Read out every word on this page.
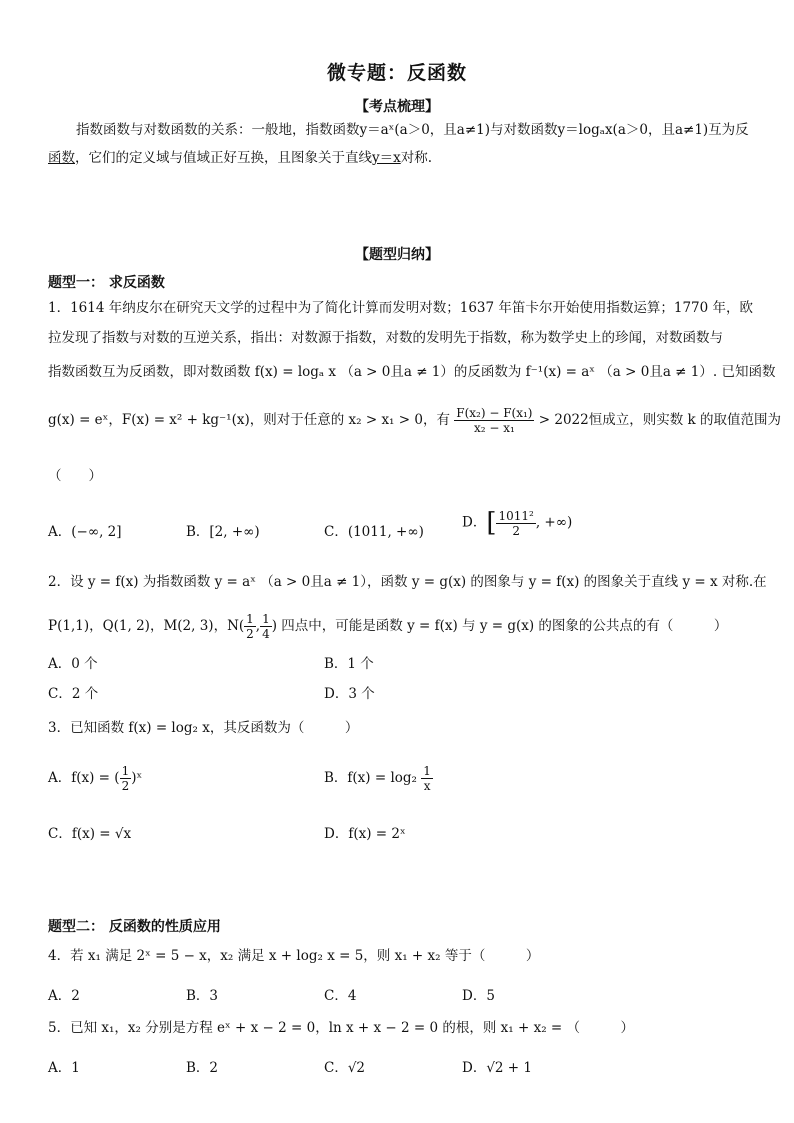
微专题：反函数
【考点梳理】
指数函数与对数函数的关系：一般地，指数函数y＝aˣ(a＞0，且a≠1)与对数函数y＝logₐx(a＞0，且a≠1)互为反
函数，它们的定义域与值域正好互换，且图象关于直线y＝x对称.
【题型归纳】
题型一： 求反函数
1．1614 年纳皮尔在研究天文学的过程中为了简化计算而发明对数；1637 年笛卡尔开始使用指数运算；1770 年，欧
拉发现了指数与对数的互逆关系，指出：对数源于指数，对数的发明先于指数，称为数学史上的珍闻，对数函数与
指数函数互为反函数，即对数函数 f(x) = logₐ x （a > 0且a ≠ 1）的反函数为 f⁻¹(x) = aˣ （a > 0且a ≠ 1）. 已知函数
g(x) = eˣ，F(x) = x² + kg⁻¹(x)，则对于任意的 x₂ > x₁ > 0，有 $\frac{\text{F(x₂) − F(x₁)}}{\text{x₂ − x₁}} > 2022$恒成立，则实数 k 的取值范围为
（　　）
A．(−∞, 2]	B．[2, +∞)	C．(1011, +∞)
D．[ $\frac{\text{1011²}}{2}$ , +∞)
2．设 y = f(x) 为指数函数 y = aˣ （a > 0且a ≠ 1），函数 y = g(x) 的图象与 y = f(x) 的图象关于直线 y = x 对称.在
P(1,1)，Q(1, 2)，M(2, 3)，$N( \frac{1}{2}$ , $\frac{1}{4}$ ) 四点中，可能是函数 y = f(x) 与 y = g(x) 的图象的公共点的有（　　　）
A．0 个	B．1 个
C．2 个	D．3 个
3．已知函数 f(x) = log₂ x，其反函数为（　　　）
A．f(x) = ( $\frac{1}{2}$ )ˣ	B．$f(x) = \log_2 \frac{1}{x}$
C．f(x) = √x	D．f(x) = 2ˣ
题型二： 反函数的性质应用
4．若 x₁ 满足 2ˣ = 5 − x，x₂ 满足 x + log₂ x = 5，则 x₁ + x₂ 等于（　　　）
A．2	B．3	C．4	D．5
5．已知 x₁，x₂ 分别是方程 eˣ + x − 2 = 0，ln x + x − 2 = 0 的根，则 x₁ + x₂ = （　　　）
A．1	B．2	C．√2	D．√2 + 1
